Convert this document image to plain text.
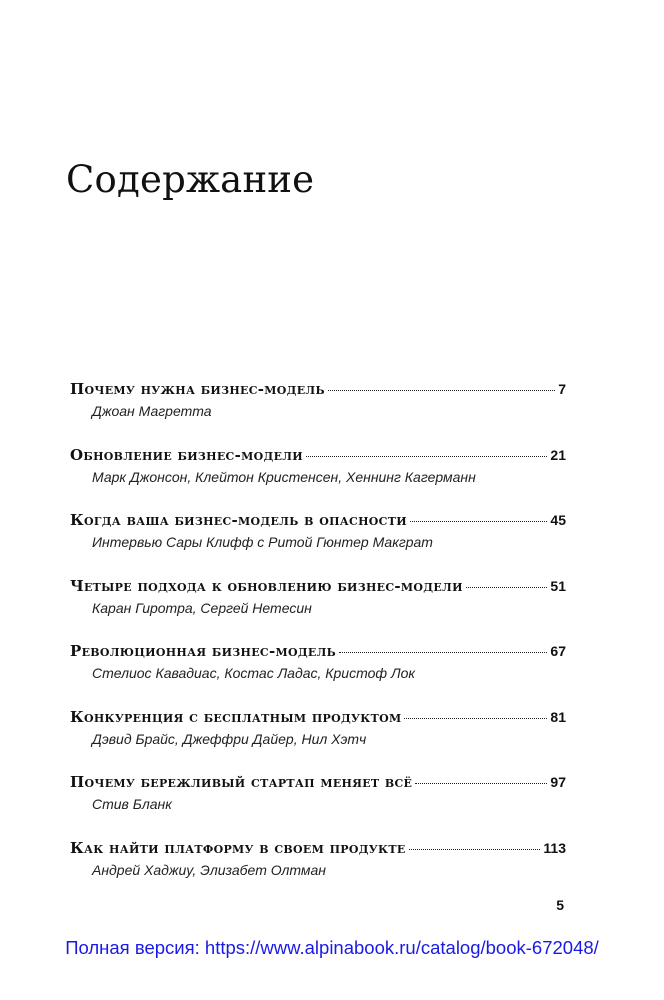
Содержание
Почему нужна бизнес-модель	7
Джоан Магретта
Обновление бизнес-модели	21
Марк Джонсон, Клейтон Кристенсен, Хеннинг Кагерманн
Когда ваша бизнес-модель в опасности	45
Интервью Сары Клифф с Ритой Гюнтер Макграт
Четыре подхода к обновлению бизнес-модели	51
Каран Гиротра, Сергей Нетесин
Революционная бизнес-модель	67
Стелиос Кавадиас, Костас Ладас, Кристоф Лок
Конкуренция с бесплатным продуктом	81
Дэвид Брайс, Джеффри Дайер, Нил Хэтч
Почему бережливый стартап меняет всё	97
Стив Бланк
Как найти платформу в своем продукте	113
Андрей Хаджиу, Элизабет Олтман
5
Полная версия: https://www.alpinabook.ru/catalog/book-672048/
